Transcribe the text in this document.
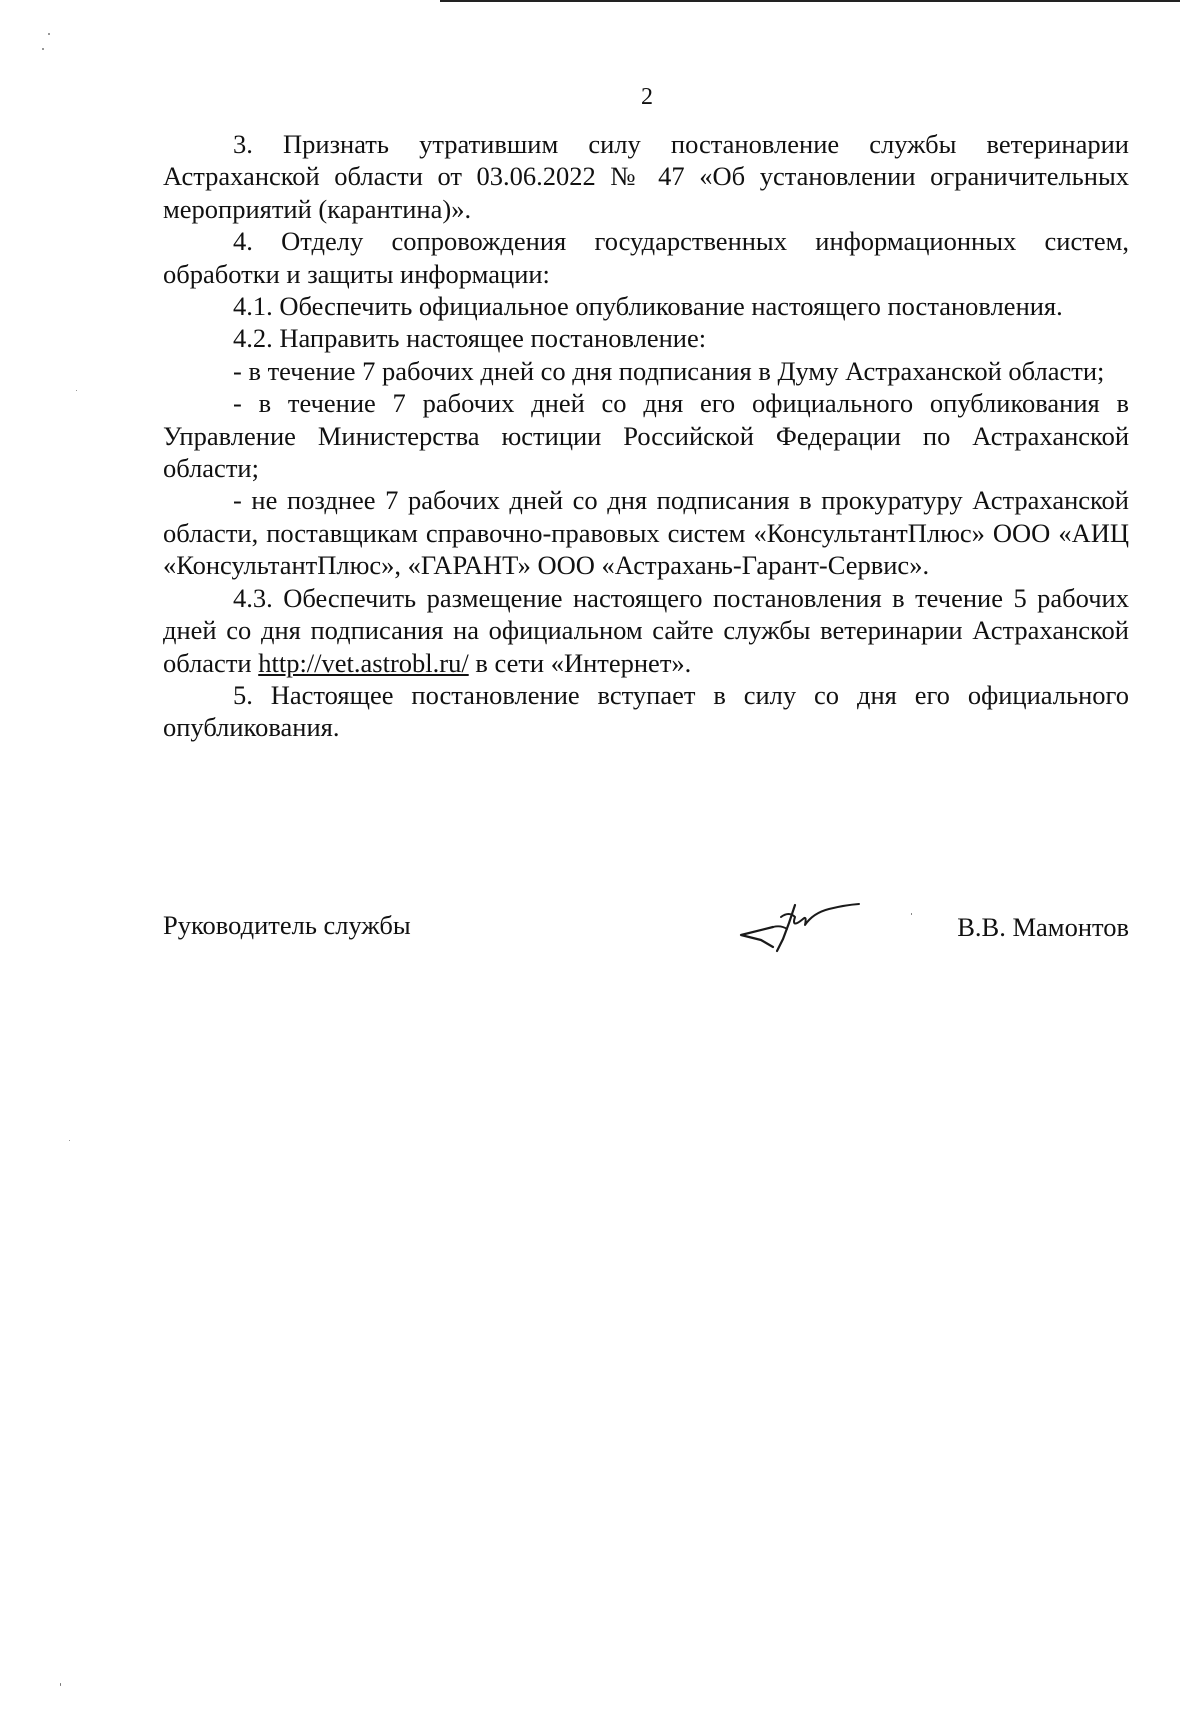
2

3. Признать утратившим силу постановление службы ветеринарии Астраханской области от 03.06.2022 № 47 «Об установлении ограничительных мероприятий (карантина)».

4. Отделу сопровождения государственных информационных систем, обработки и защиты информации:

4.1. Обеспечить официальное опубликование настоящего постановления.

4.2. Направить настоящее постановление:

- в течение 7 рабочих дней со дня подписания в Думу Астраханской области;

- в течение 7 рабочих дней со дня его официального опубликования в Управление Министерства юстиции Российской Федерации по Астраханской области;

- не позднее 7 рабочих дней со дня подписания в прокуратуру Астраханской области, поставщикам справочно-правовых систем «КонсультантПлюс» ООО «АИЦ «КонсультантПлюс», «ГАРАНТ» ООО «Астрахань-Гарант-Сервис».

4.3. Обеспечить размещение настоящего постановления в течение 5 рабочих дней со дня подписания на официальном сайте службы ветеринарии Астраханской области http://vet.astrobl.ru/ в сети «Интернет».

5. Настоящее постановление вступает в силу со дня его официального опубликования.

Руководитель службы	В.В. Мамонтов
